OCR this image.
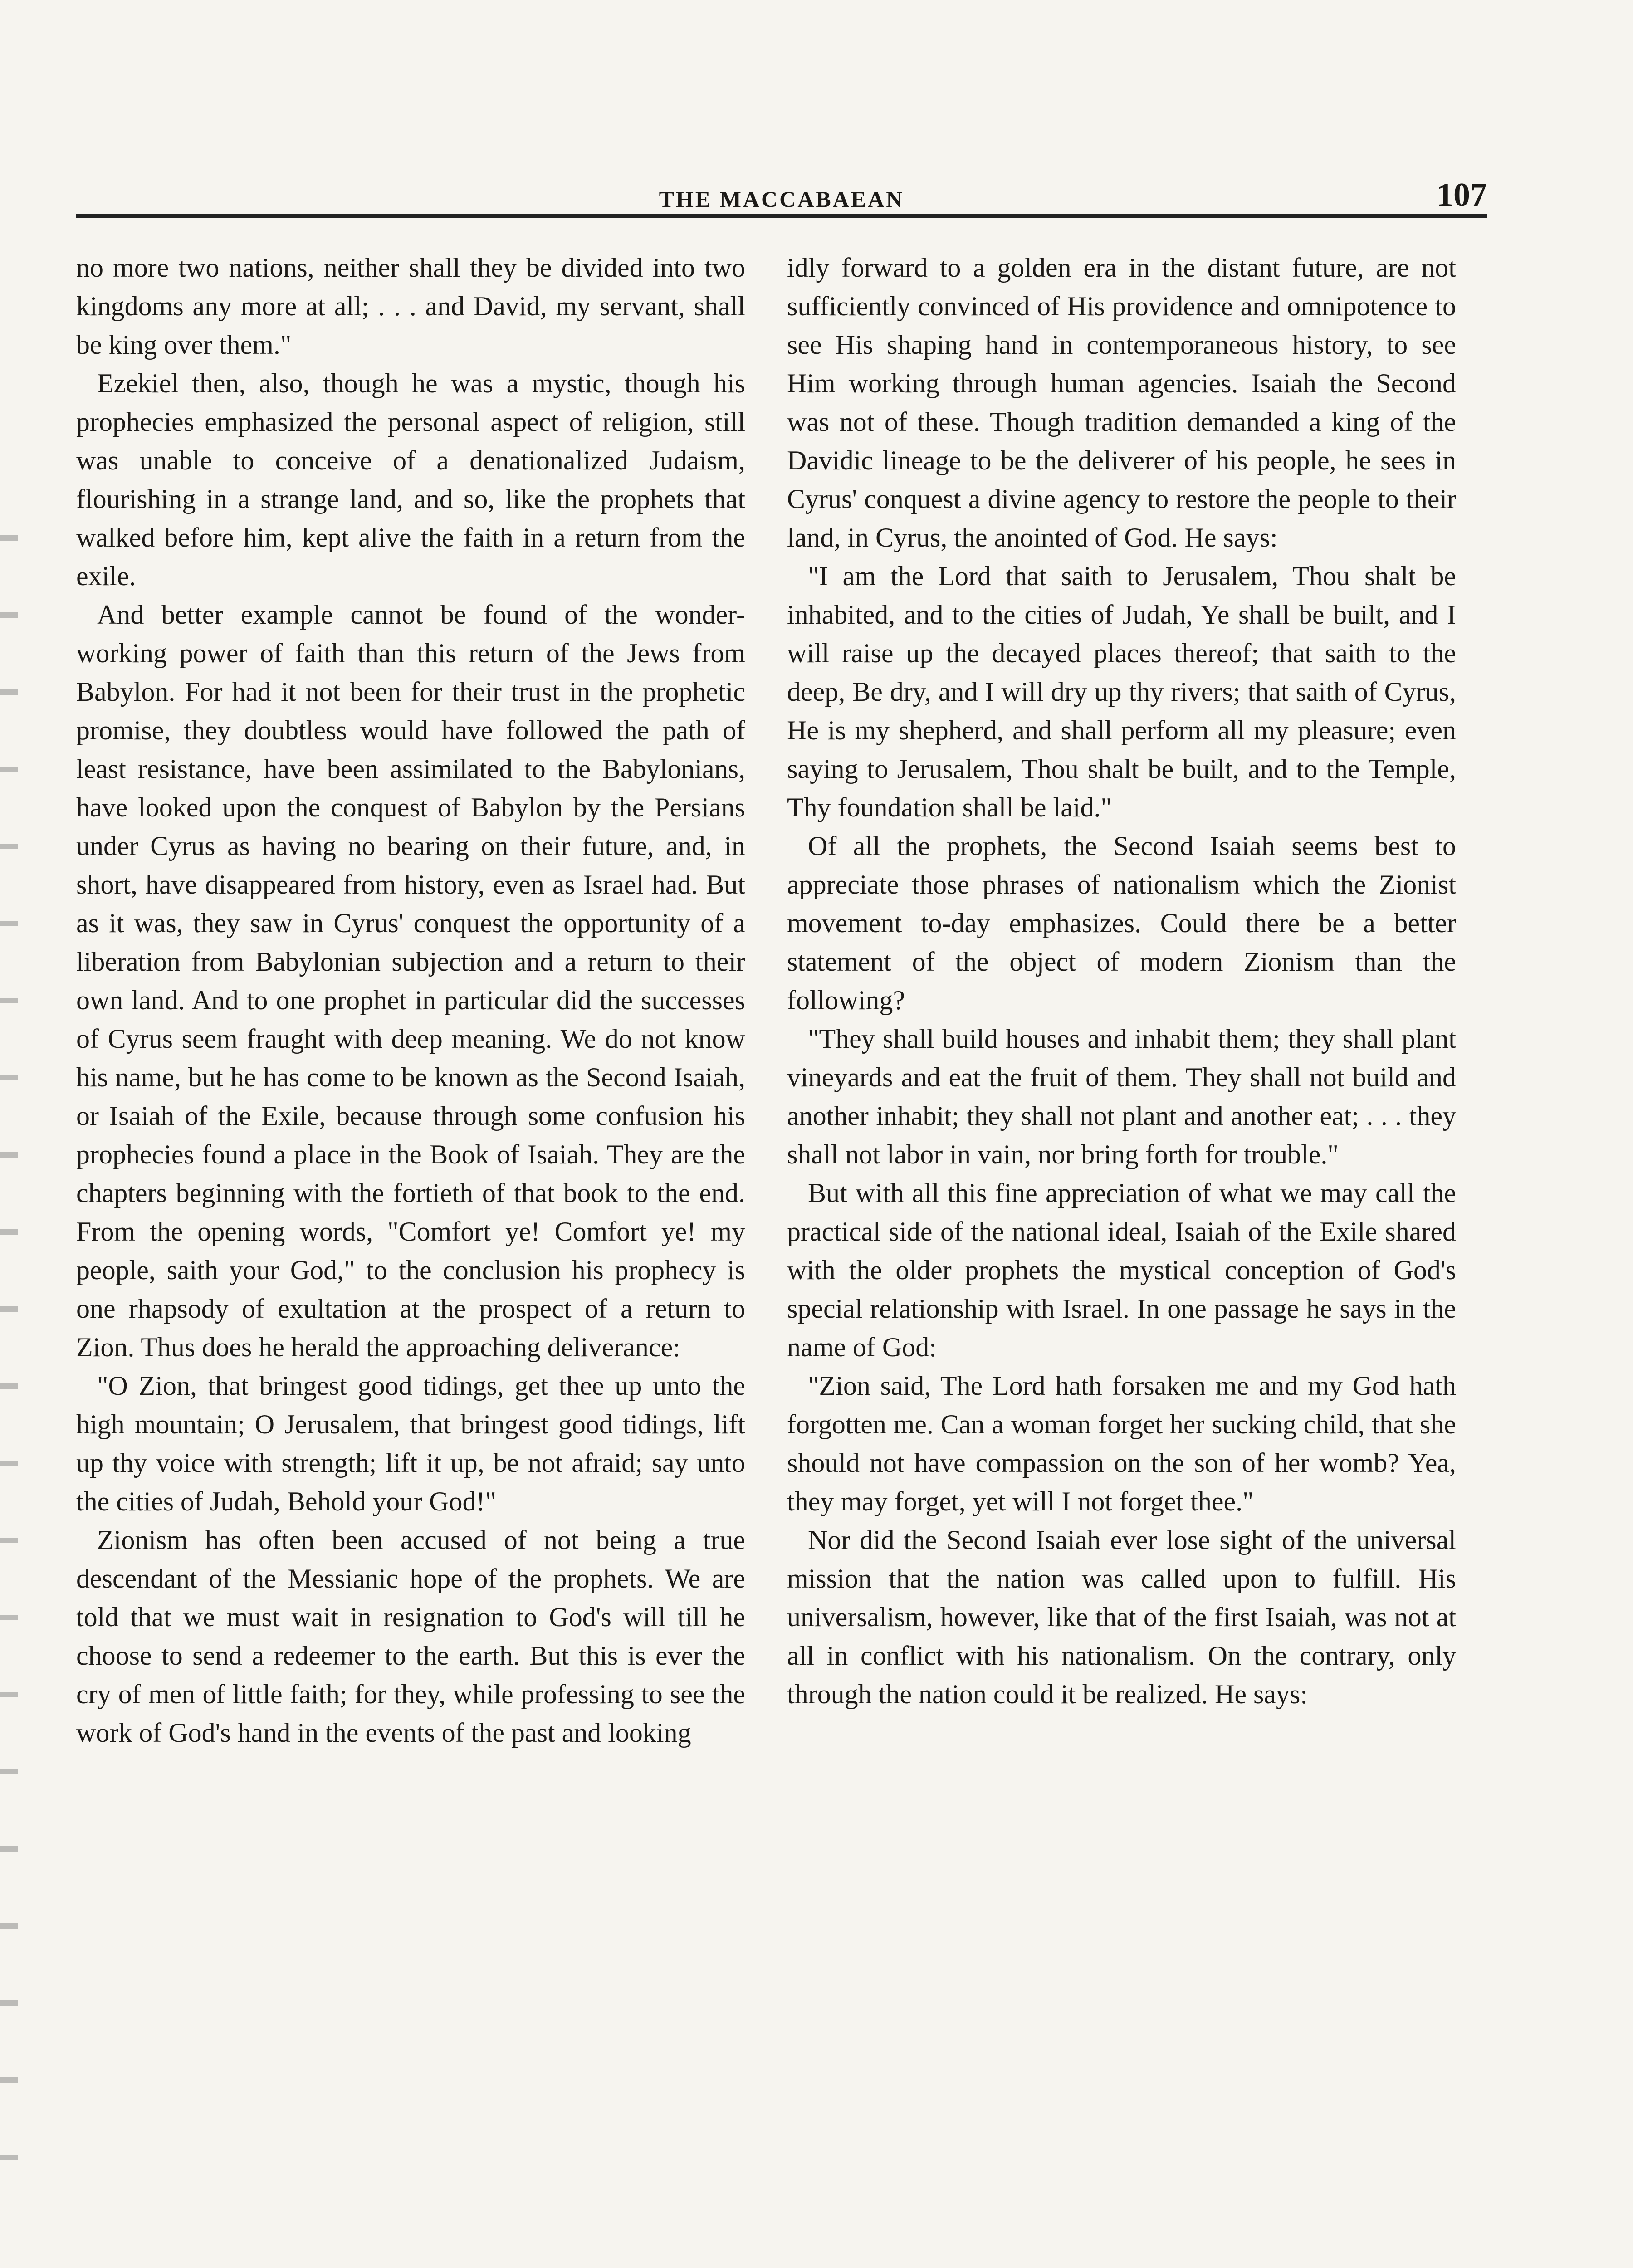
THE MACCABAEAN	107

no more two nations, neither shall they be divided into two kingdoms any more at all; . . . and David, my servant, shall be king over them."

Ezekiel then, also, though he was a mystic, though his prophecies emphasized the personal aspect of religion, still was unable to conceive of a denationalized Judaism, flourishing in a strange land, and so, like the prophets that walked before him, kept alive the faith in a return from the exile.

And better example cannot be found of the wonder-working power of faith than this return of the Jews from Babylon. For had it not been for their trust in the prophetic promise, they doubtless would have followed the path of least resistance, have been assimilated to the Babylonians, have looked upon the conquest of Babylon by the Persians under Cyrus as having no bearing on their future, and, in short, have disappeared from history, even as Israel had. But as it was, they saw in Cyrus' conquest the opportunity of a liberation from Babylonian subjection and a return to their own land. And to one prophet in particular did the successes of Cyrus seem fraught with deep meaning. We do not know his name, but he has come to be known as the Second Isaiah, or Isaiah of the Exile, because through some confusion his prophecies found a place in the Book of Isaiah. They are the chapters beginning with the fortieth of that book to the end. From the opening words, "Comfort ye! Comfort ye! my people, saith your God," to the conclusion his prophecy is one rhapsody of exultation at the prospect of a return to Zion. Thus does he herald the approaching deliverance:

"O Zion, that bringest good tidings, get thee up unto the high mountain; O Jerusalem, that bringest good tidings, lift up thy voice with strength; lift it up, be not afraid; say unto the cities of Judah, Behold your God!"

Zionism has often been accused of not being a true descendant of the Messianic hope of the prophets. We are told that we must wait in resignation to God's will till he choose to send a redeemer to the earth. But this is ever the cry of men of little faith; for they, while professing to see the work of God's hand in the events of the past and looking

idly forward to a golden era in the distant future, are not sufficiently convinced of His providence and omnipotence to see His shaping hand in contemporaneous history, to see Him working through human agencies. Isaiah the Second was not of these. Though tradition demanded a king of the Davidic lineage to be the deliverer of his people, he sees in Cyrus' conquest a divine agency to restore the people to their land, in Cyrus, the anointed of God. He says:

"I am the Lord that saith to Jerusalem, Thou shalt be inhabited, and to the cities of Judah, Ye shall be built, and I will raise up the decayed places thereof; that saith to the deep, Be dry, and I will dry up thy rivers; that saith of Cyrus, He is my shepherd, and shall perform all my pleasure; even saying to Jerusalem, Thou shalt be built, and to the Temple, Thy foundation shall be laid."

Of all the prophets, the Second Isaiah seems best to appreciate those phrases of nationalism which the Zionist movement to-day emphasizes. Could there be a better statement of the object of modern Zionism than the following?

"They shall build houses and inhabit them; they shall plant vineyards and eat the fruit of them. They shall not build and another inhabit; they shall not plant and another eat; . . . they shall not labor in vain, nor bring forth for trouble."

But with all this fine appreciation of what we may call the practical side of the national ideal, Isaiah of the Exile shared with the older prophets the mystical conception of God's special relationship with Israel. In one passage he says in the name of God:

"Zion said, The Lord hath forsaken me and my God hath forgotten me. Can a woman forget her sucking child, that she should not have compassion on the son of her womb? Yea, they may forget, yet will I not forget thee."

Nor did the Second Isaiah ever lose sight of the universal mission that the nation was called upon to fulfill. His universalism, however, like that of the first Isaiah, was not at all in conflict with his nationalism. On the contrary, only through the nation could it be realized. He says:
